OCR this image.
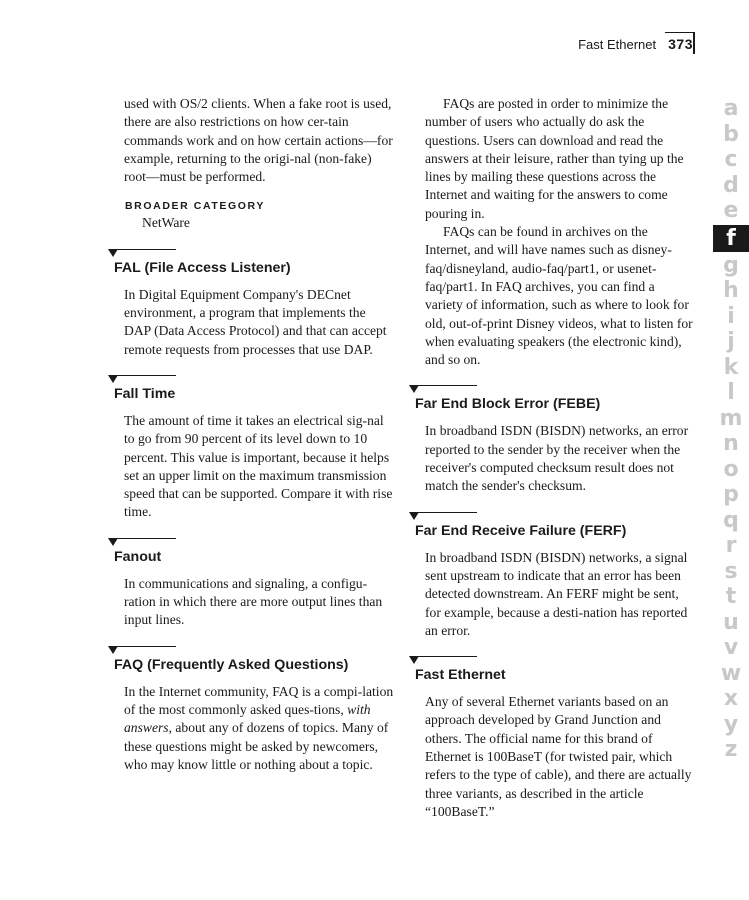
Fast Ethernet 373

used with OS/2 clients. When a fake root is used, there are also restrictions on how cer-tain commands work and on how certain actions—for example, returning to the origi-nal (non-fake) root—must be performed.

BROADER CATEGORY

NetWare

FAL (File Access Listener)

In Digital Equipment Company's DECnet environment, a program that implements the DAP (Data Access Protocol) and that can accept remote requests from processes that use DAP.

Fall Time

The amount of time it takes an electrical sig-nal to go from 90 percent of its level down to 10 percent. This value is important, because it helps set an upper limit on the maximum transmission speed that can be supported. Compare it with rise time.

Fanout

In communications and signaling, a configu-ration in which there are more output lines than input lines.

FAQ (Frequently Asked Questions)

In the Internet community, FAQ is a compi-lation of the most commonly asked ques-tions, with answers, about any of dozens of topics. Many of these questions might be asked by newcomers, who may know little or nothing about a topic.

FAQs are posted in order to minimize the number of users who actually do ask the questions. Users can download and read the answers at their leisure, rather than tying up the lines by mailing these questions across the Internet and waiting for the answers to come pouring in.

FAQs can be found in archives on the Internet, and will have names such as disney-faq/disneyland, audio-faq/part1, or usenet-faq/part1. In FAQ archives, you can find a variety of information, such as where to look for old, out-of-print Disney videos, what to listen for when evaluating speakers (the electronic kind), and so on.

Far End Block Error (FEBE)

In broadband ISDN (BISDN) networks, an error reported to the sender by the receiver when the receiver's computed checksum result does not match the sender's checksum.

Far End Receive Failure (FERF)

In broadband ISDN (BISDN) networks, a signal sent upstream to indicate that an error has been detected downstream. An FERF might be sent, for example, because a desti-nation has reported an error.

Fast Ethernet

Any of several Ethernet variants based on an approach developed by Grand Junction and others. The official name for this brand of Ethernet is 100BaseT (for twisted pair, which refers to the type of cable), and there are actually three variants, as described in the article “100BaseT.”

a
b
c
d
e
f
g
h
i
j
k
l
m
n
o
p
q
r
s
t
u
v
w
x
y
z
